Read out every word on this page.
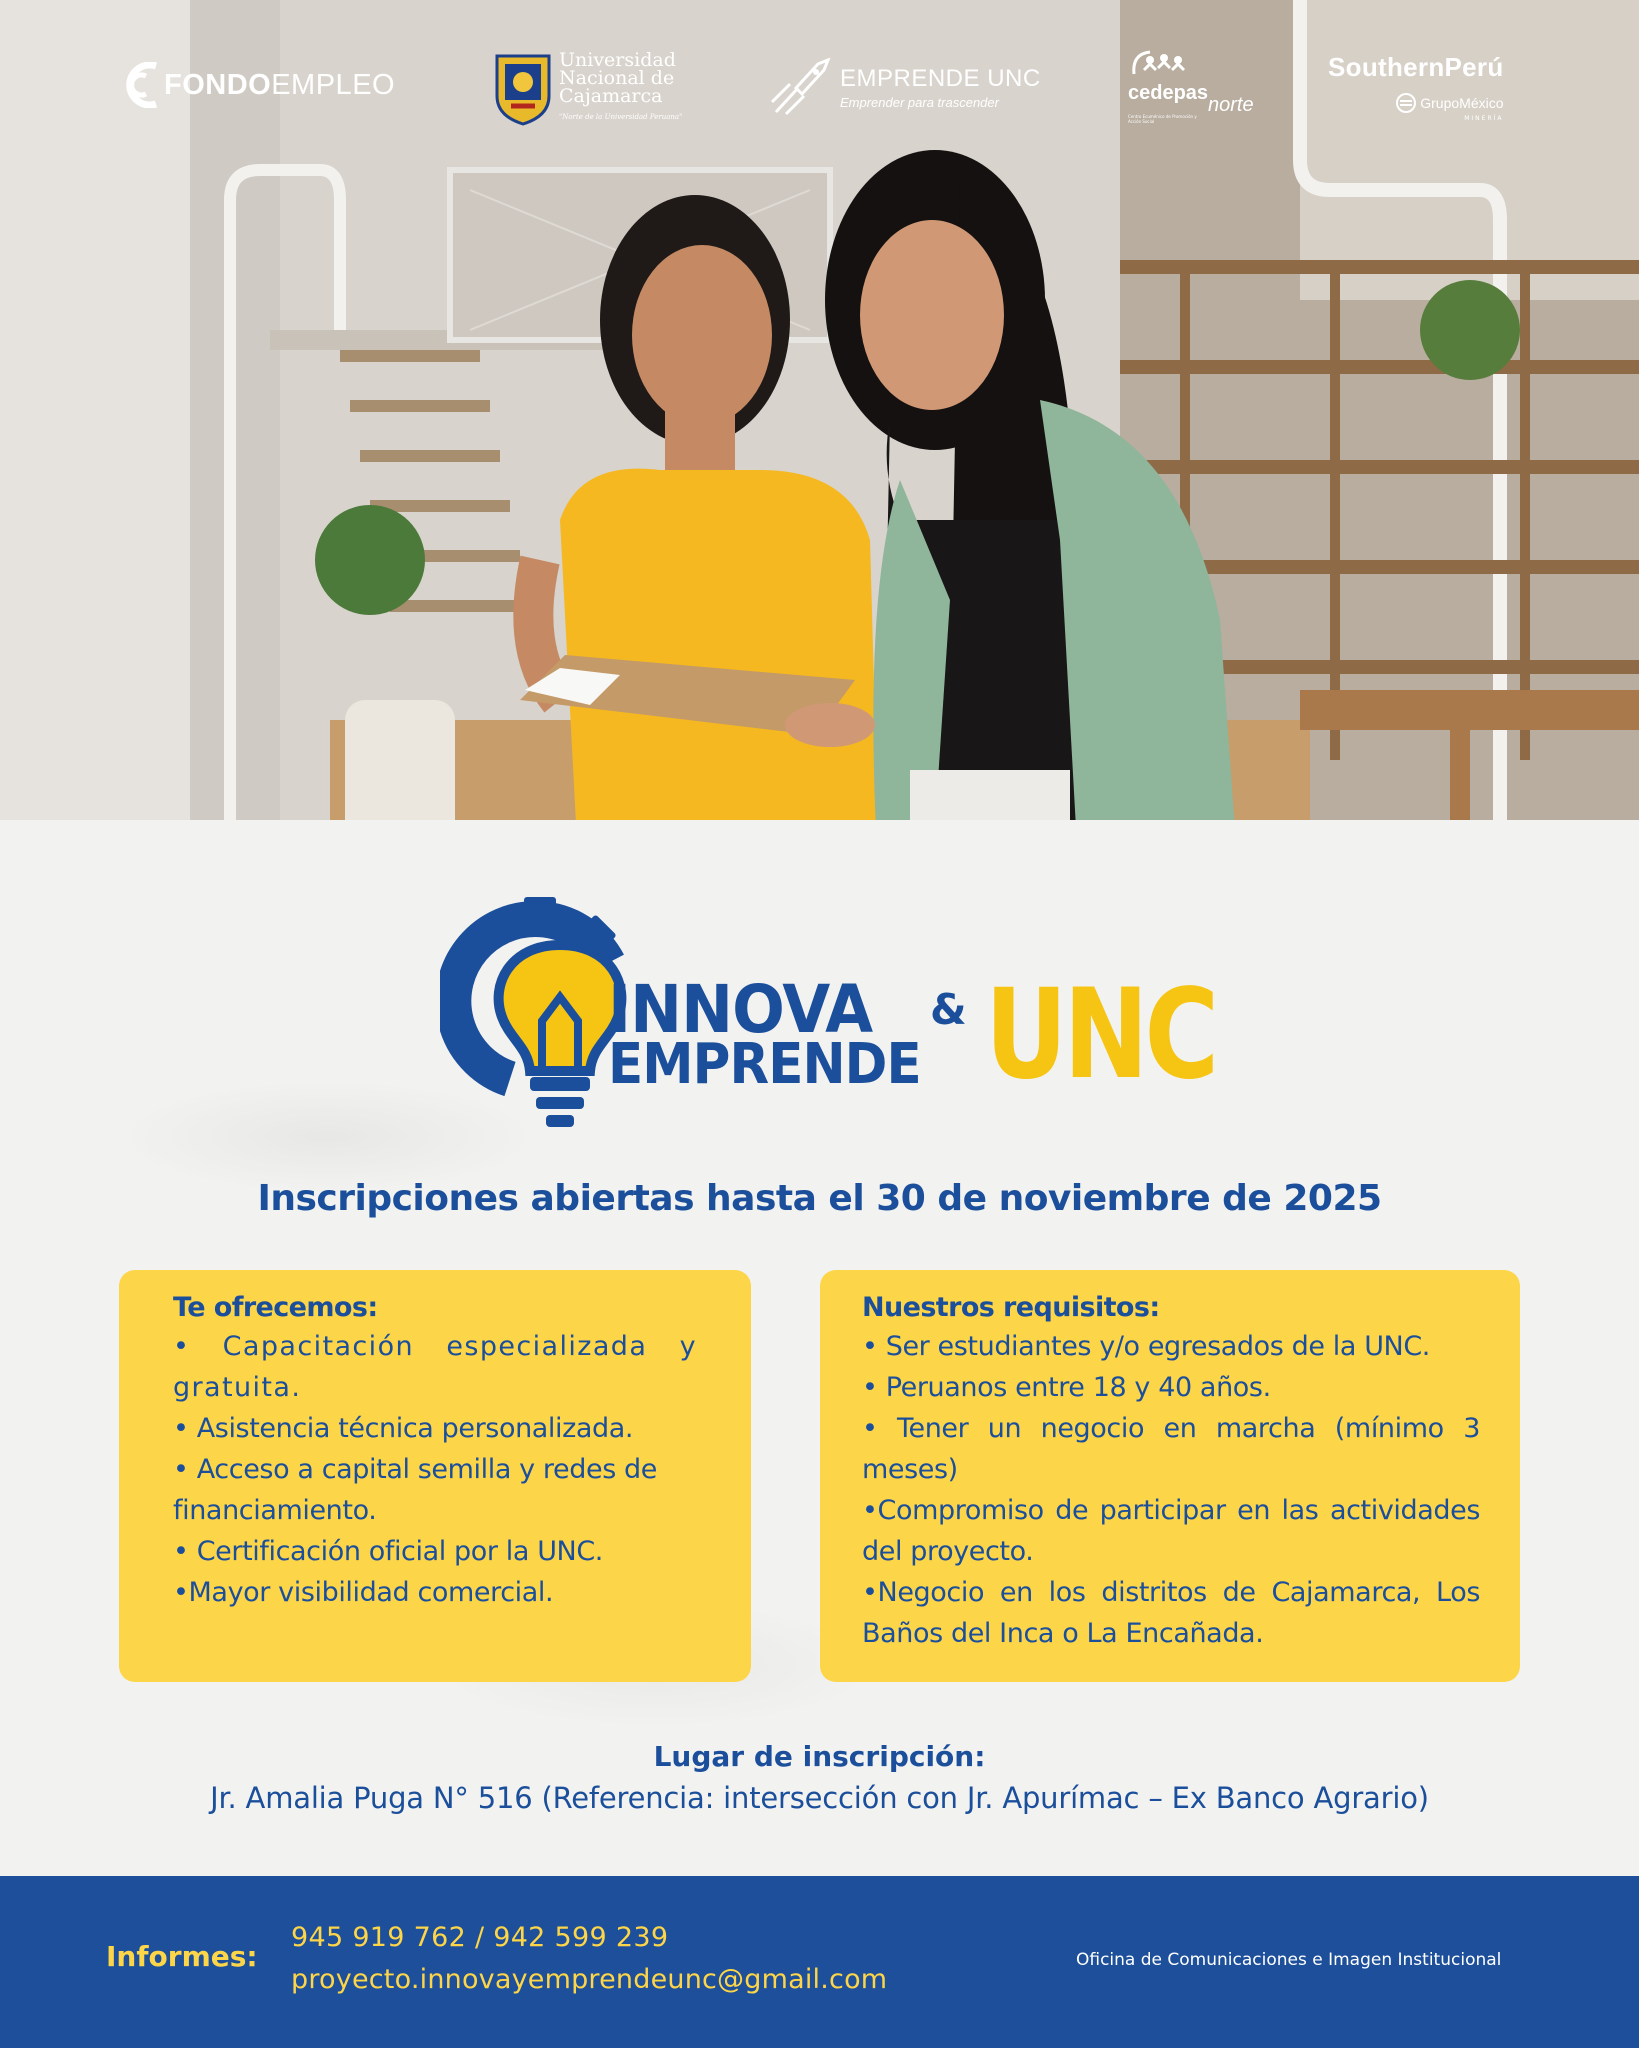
FONDOEMPLEO
Universidad
Nacional de
Cajamarca
"Norte de la Universidad Peruana"
EMPRENDE UNC
Emprender para trascender	cedepas
norte
Centro Ecuménico de Promoción y Acción Social
SouthernPerú
GrupoMéxico
MINERÍA
INNOVA &
EMPRENDE UNC
Inscripciones abiertas hasta el 30 de noviembre de 2025
Te ofrecemos:
• Capacitación especializada y gratuita.
• Asistencia técnica personalizada.
• Acceso a capital semilla y redes de financiamiento.
• Certificación oficial por la UNC.
•Mayor visibilidad comercial.
Nuestros requisitos:
• Ser estudiantes y/o egresados de la UNC.
• Peruanos entre 18 y 40 años.
• Tener un negocio en marcha (mínimo 3 meses)
•Compromiso de participar en las actividades del proyecto.
•Negocio en los distritos de Cajamarca, Los Baños del Inca o La Encañada.
Lugar de inscripción:
Jr. Amalia Puga N° 516 (Referencia: intersección con Jr. Apurímac – Ex Banco Agrario)
Informes:
945 919 762 / 942 599 239
proyecto.innovayemprendeunc@gmail.com
Oficina de Comunicaciones e Imagen Institucional
